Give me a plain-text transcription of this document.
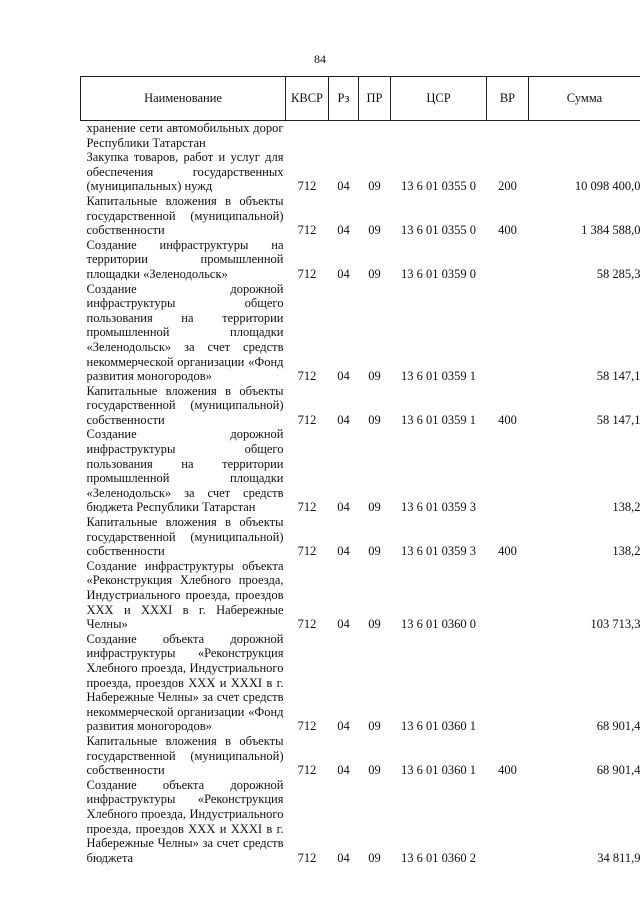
84
Наименование	КВСР	Рз	ПР	ЦСР	ВР	Сумма
хранение сети автомобильных дорог Республики Татарстан						
Закупка товаров, работ и услуг для обеспечения государственных (муниципальных) нужд	712	04	09	13 6 01 0355 0	200	10 098 400,0
Капитальные вложения в объекты государственной (муниципальной) собственности	712	04	09	13 6 01 0355 0	400	1 384 588,0
Создание инфраструктуры на территории промышленной площадки «Зеленодольск»	712	04	09	13 6 01 0359 0		58 285,3
Создание дорожной инфраструктуры общего пользования на территории промышленной площадки «Зеленодольск» за счет средств некоммерческой организации «Фонд развития моногородов»	712	04	09	13 6 01 0359 1		58 147,1
Капитальные вложения в объекты государственной (муниципальной) собственности	712	04	09	13 6 01 0359 1	400	58 147,1
Создание дорожной инфраструктуры общего пользования на территории промышленной площадки «Зеленодольск» за счет средств бюджета Республики Татарстан	712	04	09	13 6 01 0359 3		138,2
Капитальные вложения в объекты государственной (муниципальной) собственности	712	04	09	13 6 01 0359 3	400	138,2
Создание инфраструктуры объекта «Реконструкция Хлебного проезда, Индустриального проезда, проездов XXX и XXXI в г. Набережные Челны»	712	04	09	13 6 01 0360 0		103 713,3
Создание объекта дорожной инфраструктуры «Реконструкция Хлебного проезда, Индустриального проезда, проездов XXX и XXXI в г. Набережные Челны» за счет средств некоммерческой организации «Фонд развития моногородов»	712	04	09	13 6 01 0360 1		68 901,4
Капитальные вложения в объекты государственной (муниципальной) собственности	712	04	09	13 6 01 0360 1	400	68 901,4
Создание объекта дорожной инфраструктуры «Реконструкция Хлебного проезда, Индустриального проезда, проездов XXX и XXXI в г. Набережные Челны» за счет средств бюджета	712	04	09	13 6 01 0360 2		34 811,9
